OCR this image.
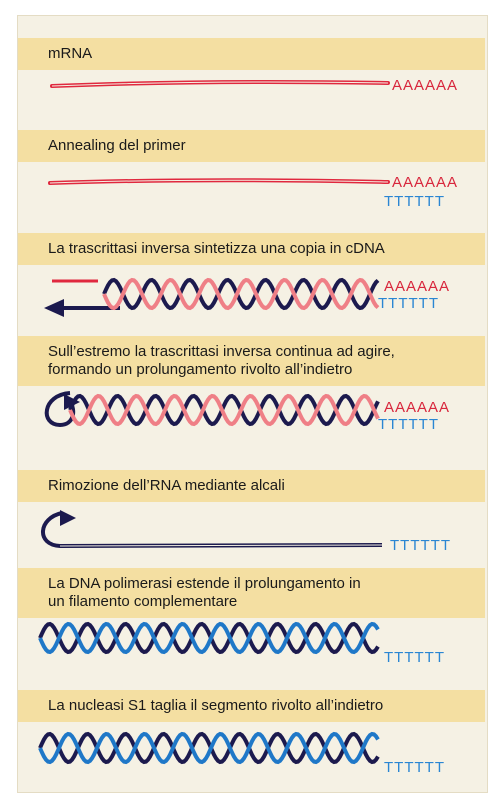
mRNA
Annealing del primer
La trascrittasi inversa sintetizza una copia in cDNA
Sull’estremo la trascrittasi inversa continua ad agire,
formando un prolungamento rivolto all’indietro
Rimozione dell’RNA mediante alcali
La DNA polimerasi estende il prolungamento in
un filamento complementare
La nucleasi S1 taglia il segmento rivolto all’indietro
AAAAAA
AAAAAA
TTTTTT
AAAAAA
TTTTTT
AAAAAA
TTTTTT
TTTTTT
TTTTTT
TTTTTT
